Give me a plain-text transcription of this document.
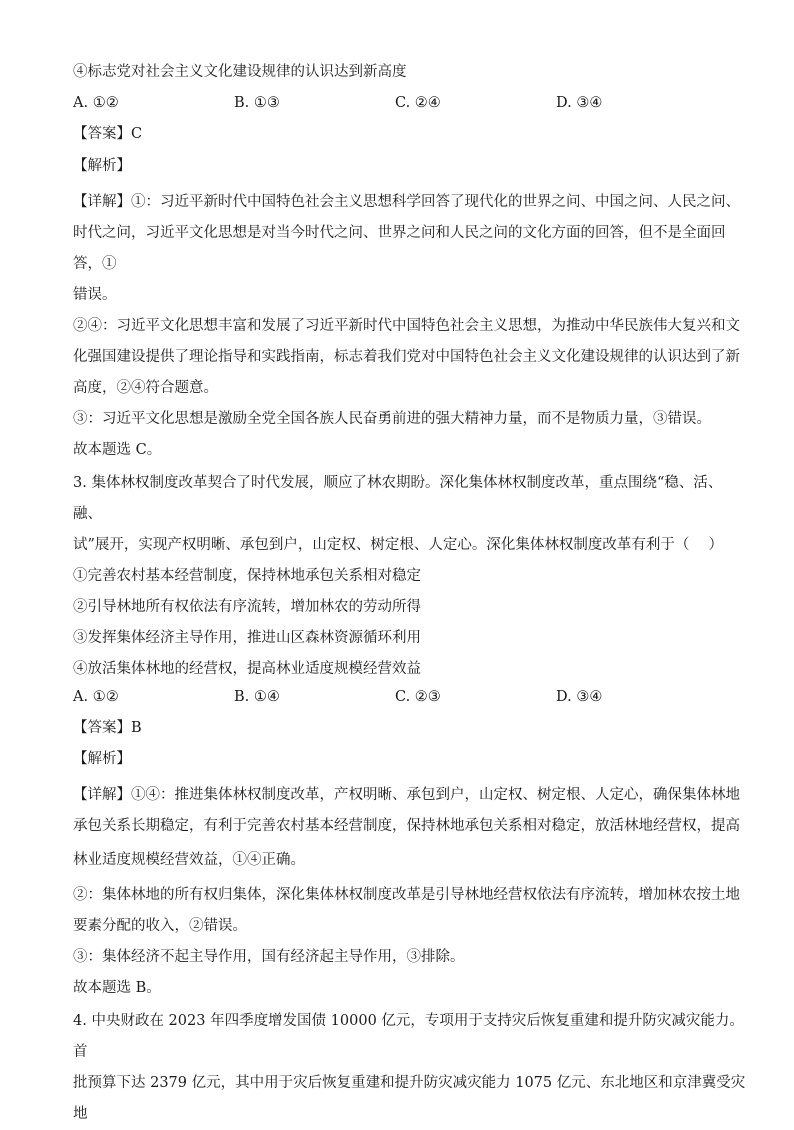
④标志党对社会主义文化建设规律的认识达到新高度
A. ①②	B. ①③	C. ②④	D. ③④
【答案】C
【解析】
【详解】①：习近平新时代中国特色社会主义思想科学回答了现代化的世界之问、中国之问、人民之问、
时代之问，习近平文化思想是对当今时代之问、世界之问和人民之问的文化方面的回答，但不是全面回答，①
错误。
②④：习近平文化思想丰富和发展了习近平新时代中国特色社会主义思想，为推动中华民族伟大复兴和文
化强国建设提供了理论指导和实践指南，标志着我们党对中国特色社会主义文化建设规律的认识达到了新
高度，②④符合题意。
③：习近平文化思想是激励全党全国各族人民奋勇前进的强大精神力量，而不是物质力量，③错误。
故本题选 C。
3. 集体林权制度改革契合了时代发展，顺应了林农期盼。深化集体林权制度改革，重点围绕“稳、活、融、
试”展开，实现产权明晰、承包到户，山定权、树定根、人定心。深化集体林权制度改革有利于（　 ）
①完善农村基本经营制度，保持林地承包关系相对稳定
②引导林地所有权依法有序流转，增加林农的劳动所得
③发挥集体经济主导作用，推进山区森林资源循环利用
④放活集体林地的经营权，提高林业适度规模经营效益
A. ①②	B. ①④	C. ②③	D. ③④
【答案】B
【解析】
【详解】①④：推进集体林权制度改革，产权明晰、承包到户，山定权、树定根、人定心，确保集体林地
承包关系长期稳定，有利于完善农村基本经营制度，保持林地承包关系相对稳定，放活林地经营权，提高
林业适度规模经营效益，①④正确。
②：集体林地的所有权归集体，深化集体林权制度改革是引导林地经营权依法有序流转，增加林农按土地
要素分配的收入，②错误。
③：集体经济不起主导作用，国有经济起主导作用，③排除。
故本题选 B。
4. 中央财政在 2023 年四季度增发国债 10000 亿元，专项用于支持灾后恢复重建和提升防灾减灾能力。首
批预算下达 2379 亿元，其中用于灾后恢复重建和提升防灾减灾能力 1075 亿元、东北地区和京津冀受灾地
